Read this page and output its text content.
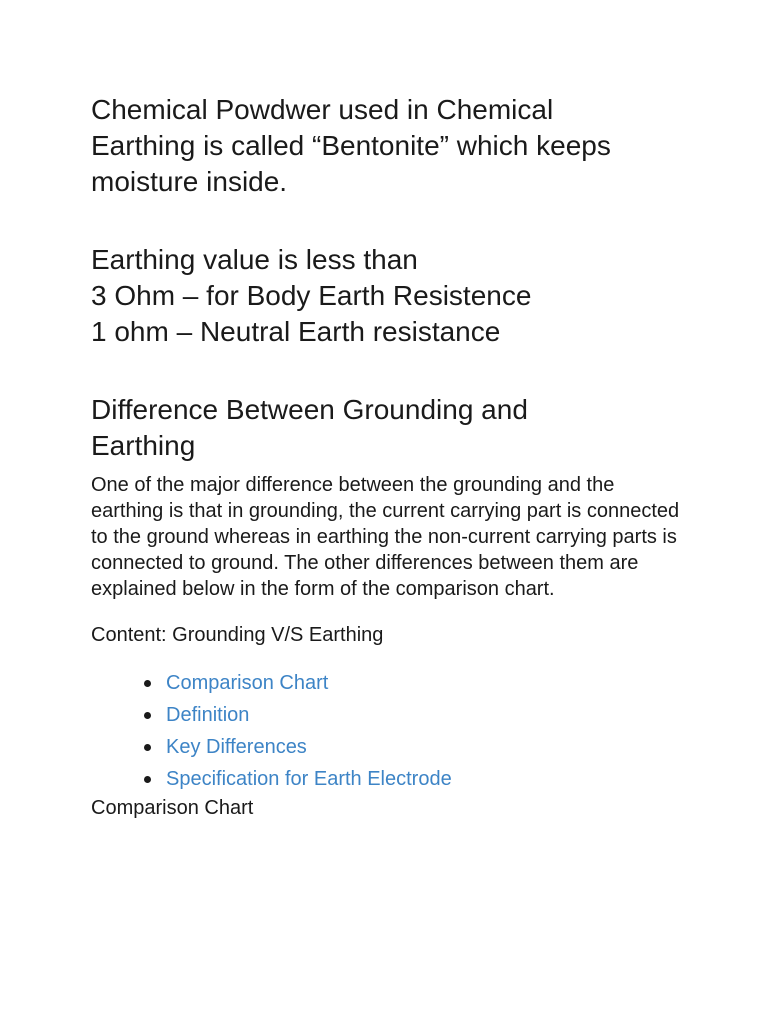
Chemical Powdwer used in Chemical
Earthing is called “Bentonite” which keeps
moisture inside.

Earthing value is less than
3 Ohm – for Body Earth Resistence
1 ohm – Neutral Earth resistance

Difference Between Grounding and
Earthing

One of the major difference between the grounding and the earthing is that in grounding, the current carrying part is connected to the ground whereas in earthing the non-current carrying parts is connected to ground. The other differences between them are explained below in the form of the comparison chart.

Content: Grounding V/S Earthing

Comparison Chart
Definition
Key Differences
Specification for Earth Electrode

Comparison Chart
